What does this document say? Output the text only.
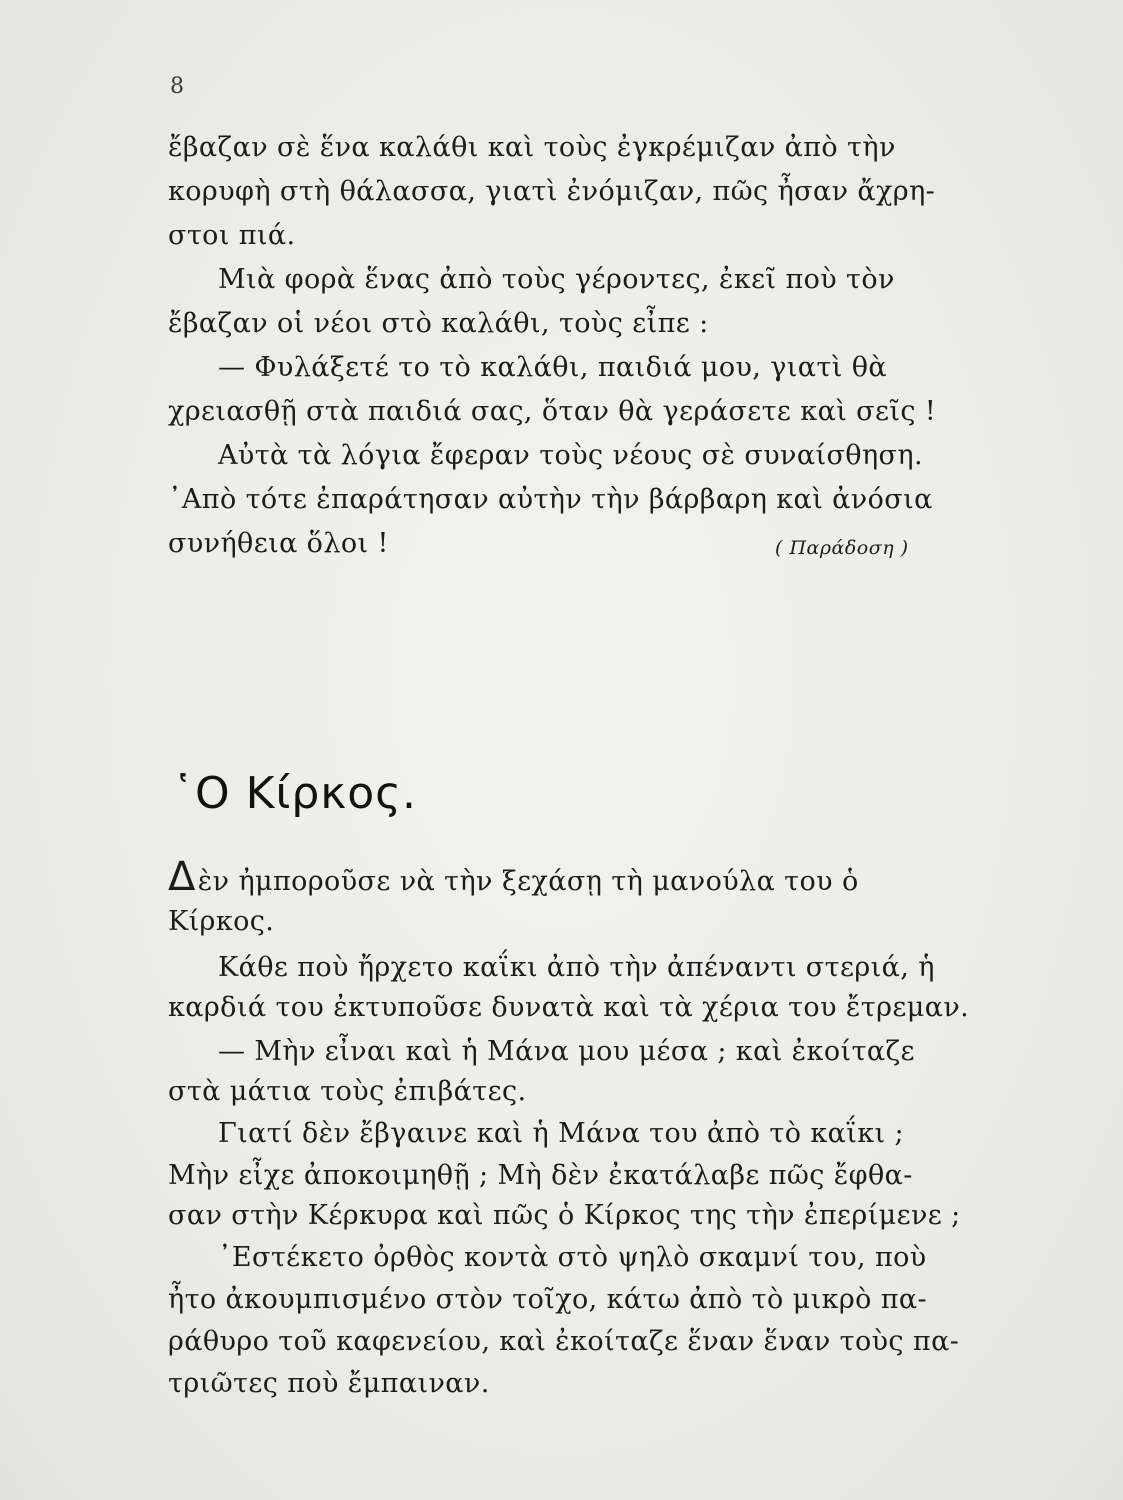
8
ἔβαζαν σὲ ἕνα καλάθι καὶ τοὺς ἐγκρέμιζαν ἀπὸ τὴν
κορυφὴ στὴ θάλασσα, γιατὶ ἐνόμιζαν, πῶς ἦσαν ἄχρη-
στοι πιά.
Μιὰ φορὰ ἕνας ἀπὸ τοὺς γέροντες, ἐκεῖ ποὺ τὸν
ἔβαζαν οἱ νέοι στὸ καλάθι, τοὺς εἶπε :
— Φυλάξετέ το τὸ καλάθι, παιδιά μου, γιατὶ θὰ
χρειασθῇ στὰ παιδιά σας, ὅταν θὰ γεράσετε καὶ σεῖς !
Αὐτὰ τὰ λόγια ἔφεραν τοὺς νέους σὲ συναίσθηση.
᾿Απὸ τότε ἐπαράτησαν αὐτὴν τὴν βάρβαρη καὶ ἀνόσια
συνήθεια ὅλοι !	( Παράδοση )
῾Ο Κίρκος.
Δὲν ἠμποροῦσε νὰ τὴν ξεχάσῃ τὴ μανούλα του ὁ
Κίρκος.
Κάθε ποὺ ἤρχετο καΐκι ἀπὸ τὴν ἀπέναντι στεριά, ἡ
καρδιά του ἐκτυποῦσε δυνατὰ καὶ τὰ χέρια του ἔτρεμαν.
— Μὴν εἶναι καὶ ἡ Μάνα μου μέσα ; καὶ ἐκοίταζε
στὰ μάτια τοὺς ἐπιβάτες.
Γιατί δὲν ἔβγαινε καὶ ἡ Μάνα του ἀπὸ τὸ καΐκι ;
Μὴν εἶχε ἀποκοιμηθῇ ; Μὴ δὲν ἐκατάλαβε πῶς ἔφθα-
σαν στὴν Κέρκυρα καὶ πῶς ὁ Κίρκος της τὴν ἐπερίμενε ;
᾿Εστέκετο ὀρθὸς κοντὰ στὸ ψηλὸ σκαμνί του, ποὺ
ἦτο ἀκουμπισμένο στὸν τοῖχο, κάτω ἀπὸ τὸ μικρὸ πα-
ράθυρο τοῦ καφενείου, καὶ ἐκοίταζε ἕναν ἕναν τοὺς πα-
τριῶτες ποὺ ἔμπαιναν.
